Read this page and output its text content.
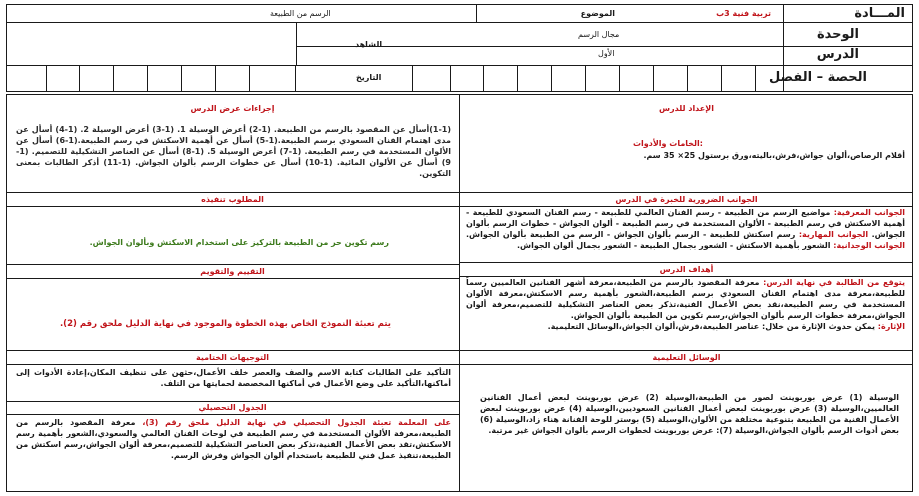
المـــادة
تربية فنية 3ب
الموضوع
الرسم من الطبيعة
الوحدة
مجال الرسم
الشاهد
الدرس
الأول
الحصة – الفصل
التاريخ
إجراءات عرض الدرس
(1-1)أسأل عن المقصود بالرسم من الطبيعة. (1-2) أعرض الوسيلة 1. (1-3) أعرض الوسيلة 2. (1-4) أسأل عن مدى اهتمام الفنان السعودي برسم الطبيعة.(1-5) أسأل عن أهمية الاسكتش في رسم الطبيعة.(1-6) أسأل عن الألوان المستخدمة في رسم الطبيعة. (1-7) أعرض الوسيلة 5. (1-8) أسأل عن العناصر التشكيلية للتصميم. (1-9) أسأل عن الألوان المائية. (1-10) أسأل عن خطوات الرسم بألوان الجواش. (1-11) أذكر الطالبات بمعنى التكوين.
المطلوب تنفيذه
رسم تكوين حر من الطبيعة بالتركيز على استخدام الاسكتش وبألوان الجواش.
التقييم والتقويم
يتم تعبئة النموذج الخاص بهذه الخطوة والموجود في نهاية الدليل ملحق رقم (2).
التوجيهات الختامية
التأكيد على الطالبات كتابة الاسم والصف والعصر خلف الأعمال،حثهن على تنظيف المكان،إعادة الأدوات إلى أماكنها،التأكيد على وضع الأعمال في أماكنها المخصصة لحمايتها من التلف.
الجدول التحصيلي
على المعلمة تعبئة الجدول التحصيلي في نهاية الدليل ملحق رقم (3)، معرفة المقصود بالرسم من الطبيعة،معرفة الألوان المستخدمة في رسم الطبيعة في لوحات الفنان العالمي والسعودي،الشعور بأهمية رسم الاسكتش،تقد بعض الأعمال الفنية،تذكر بعض العناصر التشكيلية للتصميم،معرفة ألوان الجواش،رسم اسكتش من الطبيعة،تنفيذ عمل فني للطبيعة باستخدام ألوان الجواش وفرش الرسم.
الإعداد للدرس
الخامات والأدوات:
أقلام الرصاص،ألوان جواش،فرش،باليته،ورق برستول 25× 35 سم.
الجوانب الضرورية للخبرة في الدرس
الجوانب المعرفية: مواضيع الرسم من الطبيعة - رسم الفنان العالمي للطبيعة - رسم الفنان السعودي للطبيعة - أهمية الاسكتش في رسم الطبيعة - الألوان المستخدمة في رسم الطبيعة - ألوان الجواش - خطوات الرسم بألوان الجواش. الجوانب المهارية: رسم اسكتش للطبيعة - الرسم بألوان الجواش - الرسم من الطبيعة بألوان الجواش. الجوانب الوجدانية: الشعور بأهمية الاسكتش - الشعور بجمال الطبيعة - الشعور بجمال ألوان الجواش.
أهداف الدرس
يتوقع من الطالبة في نهاية الدرس: معرفة المقصود بالرسم من الطبيعة،معرفة أشهر الفنانين العالميين رسماً للطبيعة،معرفة مدى اهتمام الفنان السعودي برسم الطبيعة،الشعور بأهمية رسم الاسكتش،معرفة الألوان المستخدمة في رسم الطبيعة،نقد بعض الأعمال الفنية،تذكر بعض العناصر التشكيلية للتصميم،معرفة ألوان الجواش،معرفة خطوات الرسم بألوان الجواش،رسم تكوين من الطبيعة بألوان الجواش.
الإثارة: يمكن حدوث الإثارة من خلال: عناصر الطبيعة،فرش،ألوان الجواش،الوسائل التعليمية.
الوسائل التعليمية
الوسيلة (1) عرض بوربوينت لصور من الطبيعة،الوسيلة (2) عرض بوربوينت لبعض أعمال الفنانين العالميين،الوسيلة (3) عرض بوربوينت لبعض أعمال الفنانين السعوديين،الوسيلة (4) عرض بوربوينت لبعض الأعمال الفنية من الطبيعة بتنوعية مختلفة من الألوان،الوسيلة (5) بوستر للوحة الفنانة هناء زاد،الوسيلة (6) بعض أدوات الرسم بألوان الجواش،الوسيلة (7): عرض بوربوينت لخطوات الرسم بألوان الجواش غير مرتبة.
